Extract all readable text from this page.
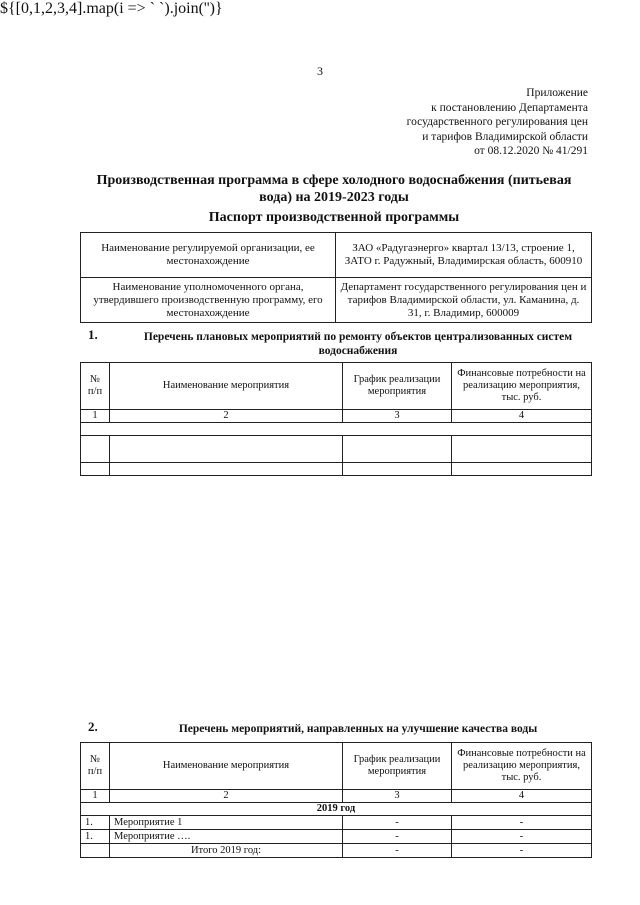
3
Приложение
к постановлению Департамента
государственного регулирования цен
и тарифов Владимирской области
от 08.12.2020 № 41/291
Производственная программа в сфере холодного водоснабжения (питьевая вода) на 2019-2023 годы
Паспорт производственной программы
Наименование регулируемой организации, ее местонахождение	ЗАО «Радугаэнерго» квартал 13/13, строение 1, ЗАТО г. Радужный, Владимирская область, 600910
Наименование уполномоченного органа, утвердившего производственную программу, его местонахождение	Департамент государственного регулирования цен и тарифов Владимирской области, ул. Каманина, д. 31, г. Владимир, 600009
1.	Перечень плановых мероприятий по ремонту объектов централизованных систем водоснабжения
${[0,1,2,3,4].map(i => ` `).join('')}
№ п/п	Наименование мероприятия	График реализации мероприятия	Финансовые потребности на реализацию мероприятия, тыс. руб.
1	2	3	4

2.	Перечень мероприятий, направленных на улучшение качества воды
№ п/п	Наименование мероприятия	График реализации мероприятия	Финансовые потребности на реализацию мероприятия, тыс. руб.
1	2	3	4
2019 год			
1.	Мероприятие 1	-	-
1.	Мероприятие ….	-	-
	Итого 2019 год:	-	-
